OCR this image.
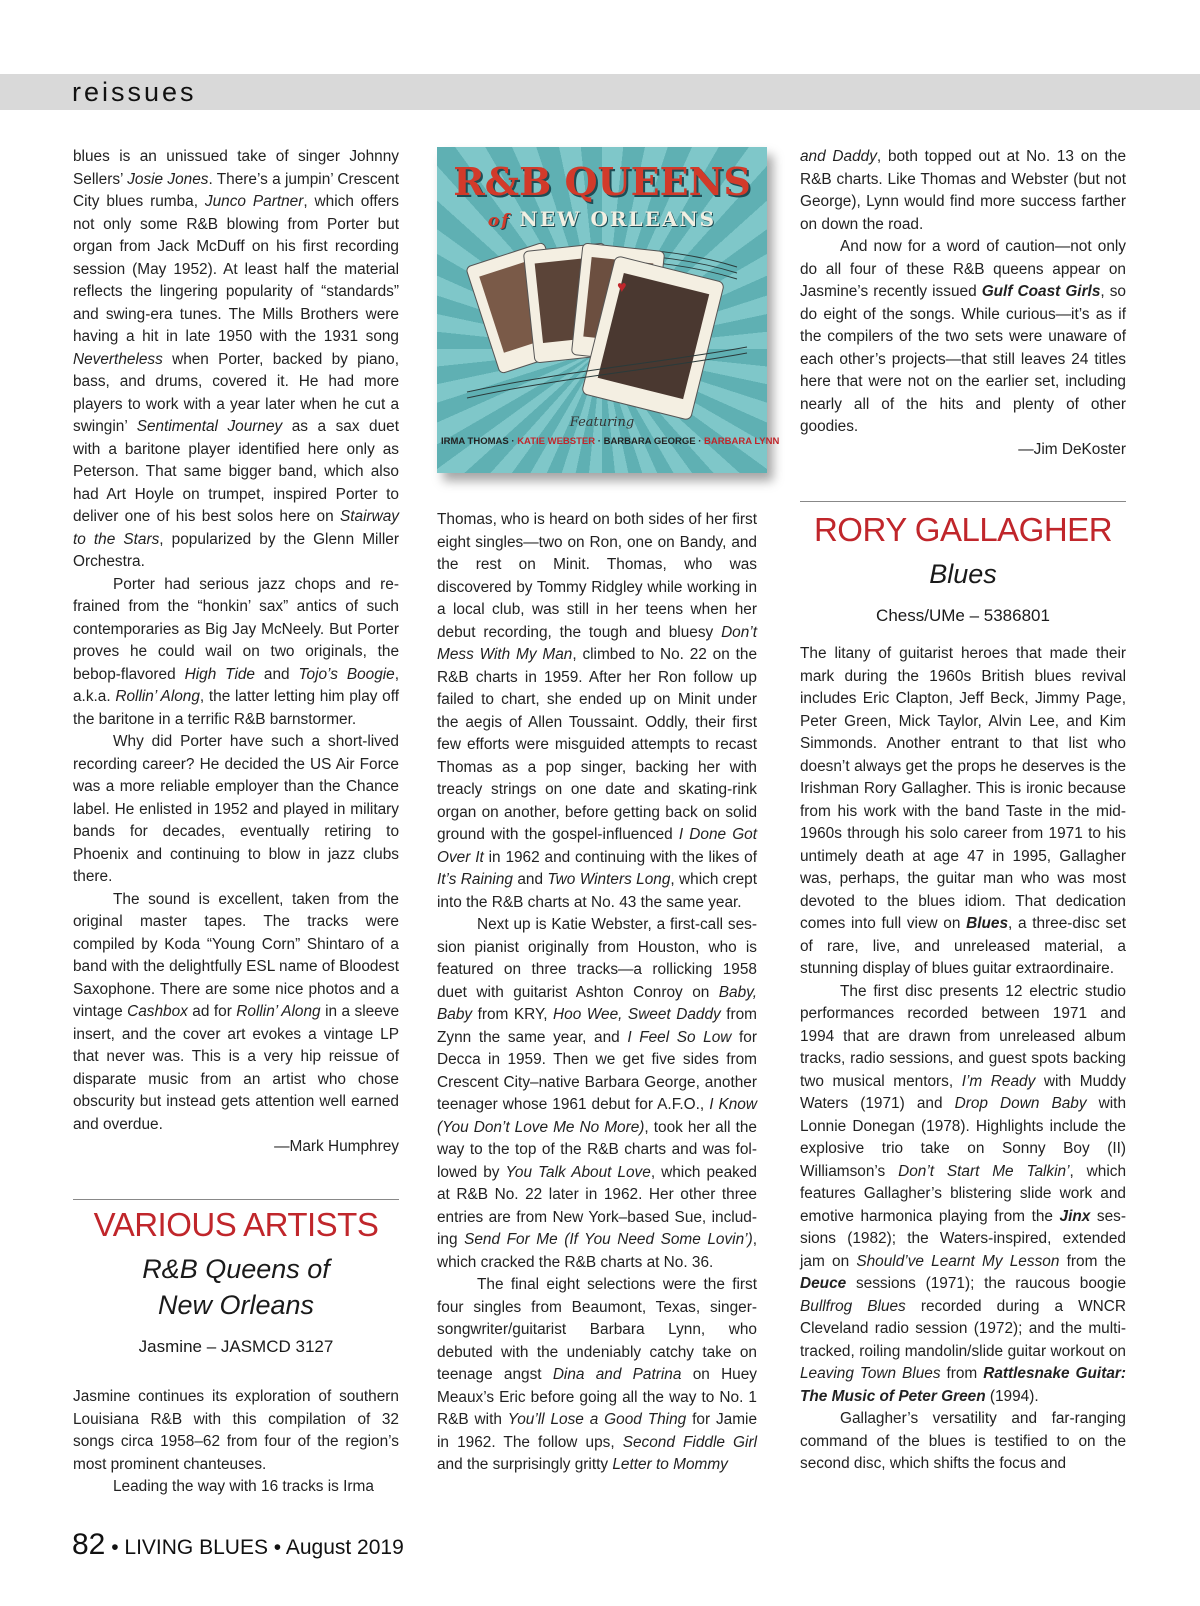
reissues

blues is an unissued take of singer Johnny Sellers’ Josie Jones. There’s a jumpin’ Crescent City blues rumba, Junco Partner, which offers not only some R&B blowing from Porter but organ from Jack McDuff on his first recording session (May 1952). At least half the material reflects the lingering popularity of “standards” and swing-era tunes. The Mills Brothers were having a hit in late 1950 with the 1931 song Nevertheless when Porter, backed by piano, bass, and drums, covered it. He had more players to work with a year later when he cut a swingin’ Sentimental Journey as a sax duet with a baritone player identified here only as Peterson. That same bigger band, which also had Art Hoyle on trumpet, inspired Porter to deliver one of his best solos here on Stairway to the Stars, popularized by the Glenn Miller Orchestra.

Porter had serious jazz chops and refrained from the “honkin’ sax” antics of such contemporaries as Big Jay McNeely. But Porter proves he could wail on two originals, the bebop-flavored High Tide and Tojo’s Boogie, a.k.a. Rollin’ Along, the latter letting him play off the baritone in a terrific R&B barnstormer.

Why did Porter have such a short-lived recording career? He decided the US Air Force was a more reliable employer than the Chance label. He enlisted in 1952 and played in military bands for decades, eventually retiring to Phoenix and continuing to blow in jazz clubs there.

The sound is excellent, taken from the original master tapes. The tracks were compiled by Koda “Young Corn” Shintaro of a band with the delightfully ESL name of Bloodest Saxophone. There are some nice photos and a vintage Cashbox ad for Rollin’ Along in a sleeve insert, and the cover art evokes a vintage LP that never was. This is a very hip reissue of disparate music from an artist who chose obscurity but instead gets attention well earned and overdue.

—Mark Humphrey

VARIOUS ARTISTS
R&B Queens of
New Orleans
Jasmine – JASMCD 3127

Jasmine continues its exploration of southern Louisiana R&B with this compilation of 32 songs circa 1958–62 from four of the region’s most prominent chanteuses.

Leading the way with 16 tracks is Irma

R&B QUEENS
of NEW ORLEANS
♥
Featuring
IRMA THOMAS · KATIE WEBSTER · BARBARA GEORGE · BARBARA LYNN

Thomas, who is heard on both sides of her first eight singles—two on Ron, one on Bandy, and the rest on Minit. Thomas, who was discovered by Tommy Ridgley while working in a local club, was still in her teens when her debut recording, the tough and bluesy Don’t Mess With My Man, climbed to No. 22 on the R&B charts in 1959. After her Ron follow up failed to chart, she ended up on Minit under the aegis of Allen Toussaint. Oddly, their first few efforts were misguided attempts to recast Thomas as a pop singer, backing her with treacly strings on one date and skating-rink organ on another, before getting back on solid ground with the gospel-influenced I Done Got Over It in 1962 and continuing with the likes of It’s Raining and Two Winters Long, which crept into the R&B charts at No. 43 the same year.

Next up is Katie Webster, a first-call session pianist originally from Houston, who is featured on three tracks—a rollicking 1958 duet with guitarist Ashton Conroy on Baby, Baby from KRY, Hoo Wee, Sweet Daddy from Zynn the same year, and I Feel So Low for Decca in 1959. Then we get five sides from Crescent City–native Barbara George, another teenager whose 1961 debut for A.F.O., I Know (You Don’t Love Me No More), took her all the way to the top of the R&B charts and was followed by You Talk About Love, which peaked at R&B No. 22 later in 1962. Her other three entries are from New York–based Sue, including Send For Me (If You Need Some Lovin’), which cracked the R&B charts at No. 36.

The final eight selections were the first four singles from Beaumont, Texas, singer-songwriter/guitarist Barbara Lynn, who debuted with the undeniably catchy take on teenage angst Dina and Patrina on Huey Meaux’s Eric before going all the way to No. 1 R&B with You’ll Lose a Good Thing for Jamie in 1962. The follow ups, Second Fiddle Girl and the surprisingly gritty Letter to Mommy

and Daddy, both topped out at No. 13 on the R&B charts. Like Thomas and Webster (but not George), Lynn would find more success farther on down the road.

And now for a word of caution—not only do all four of these R&B queens appear on Jasmine’s recently issued Gulf Coast Girls, so do eight of the songs. While curious—it’s as if the compilers of the two sets were unaware of each other’s projects—that still leaves 24 titles here that were not on the earlier set, including nearly all of the hits and plenty of other goodies.

—Jim DeKoster

RORY GALLAGHER
Blues
Chess/UMe – 5386801

The litany of guitarist heroes that made their mark during the 1960s British blues revival includes Eric Clapton, Jeff Beck, Jimmy Page, Peter Green, Mick Taylor, Alvin Lee, and Kim Simmonds. Another entrant to that list who doesn’t always get the props he deserves is the Irishman Rory Gallagher. This is ironic because from his work with the band Taste in the mid-1960s through his solo career from 1971 to his untimely death at age 47 in 1995, Gallagher was, perhaps, the guitar man who was most devoted to the blues idiom. That dedication comes into full view on Blues, a three-disc set of rare, live, and unreleased material, a stunning display of blues guitar extraordinaire.

The first disc presents 12 electric studio performances recorded between 1971 and 1994 that are drawn from unreleased album tracks, radio sessions, and guest spots backing two musical mentors, I’m Ready with Muddy Waters (1971) and Drop Down Baby with Lonnie Donegan (1978). Highlights include the explosive trio take on Sonny Boy (II) Williamson’s Don’t Start Me Talkin’, which features Gallagher’s blistering slide work and emotive harmonica playing from the Jinx sessions (1982); the Waters-inspired, extended jam on Should’ve Learnt My Lesson from the Deuce sessions (1971); the raucous boogie Bullfrog Blues recorded during a WNCR Cleveland radio session (1972); and the multitracked, roiling mandolin/slide guitar workout on Leaving Town Blues from Rattlesnake Guitar: The Music of Peter Green (1994).

Gallagher’s versatility and far-ranging command of the blues is testified to on the second disc, which shifts the focus and

82 • LIVING BLUES • August 2019
